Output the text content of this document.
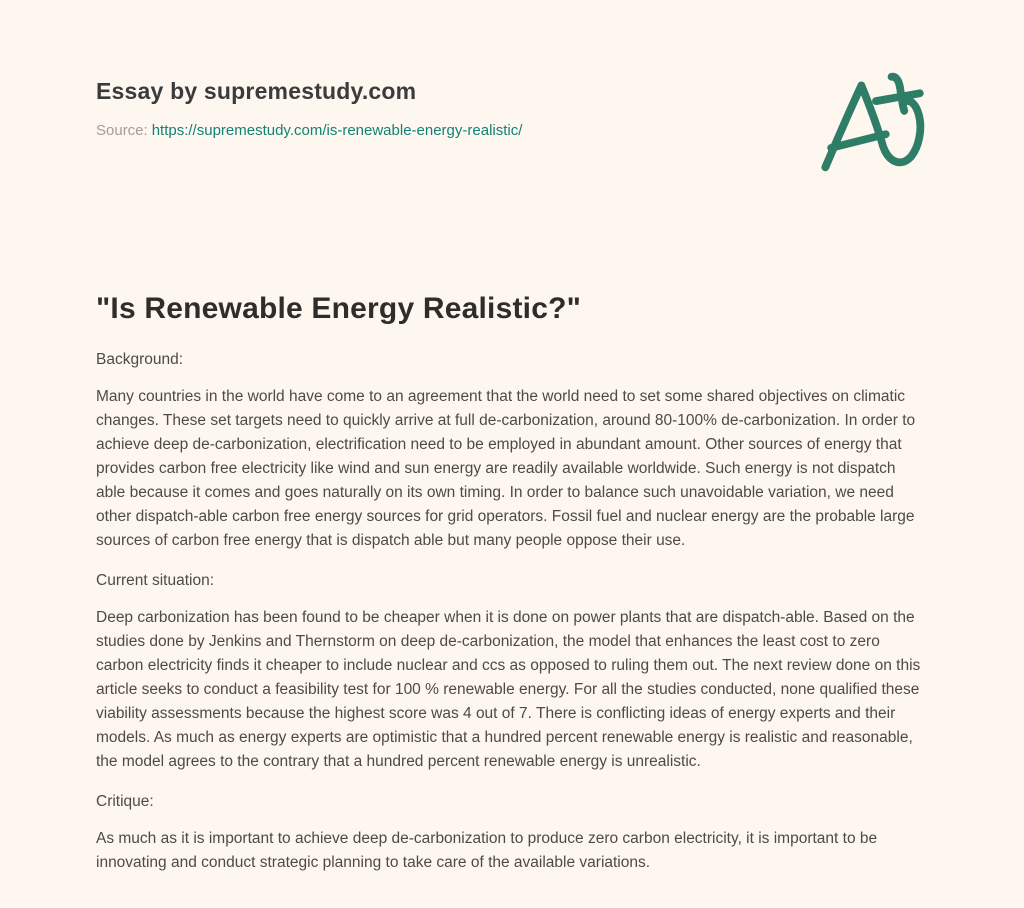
Essay by supremestudy.com

Source: https://supremestudy.com/is-renewable-energy-realistic/

"Is Renewable Energy Realistic?"
Background:

Many countries in the world have come to an agreement that the world need to set some shared objectives on climatic changes. These set targets need to quickly arrive at full de-carbonization, around 80-100% de-carbonization. In order to achieve deep de-carbonization, electrification need to be employed in abundant amount. Other sources of energy that provides carbon free electricity like wind and sun energy are readily available worldwide. Such energy is not dispatch able because it comes and goes naturally on its own timing. In order to balance such unavoidable variation, we need other dispatch-able carbon free energy sources for grid operators. Fossil fuel and nuclear energy are the probable large sources of carbon free energy that is dispatch able but many people oppose their use.

Current situation:

Deep carbonization has been found to be cheaper when it is done on power plants that are dispatch-able. Based on the studies done by Jenkins and Thernstorm on deep de-carbonization, the model that enhances the least cost to zero carbon electricity finds it cheaper to include nuclear and ccs as opposed to ruling them out. The next review done on this article seeks to conduct a feasibility test for 100 % renewable energy. For all the studies conducted, none qualified these viability assessments because the highest score was 4 out of 7. There is conflicting ideas of energy experts and their models. As much as energy experts are optimistic that a hundred percent renewable energy is realistic and reasonable, the model agrees to the contrary that a hundred percent renewable energy is unrealistic.

Critique:

As much as it is important to achieve deep de-carbonization to produce zero carbon electricity, it is important to be innovating and conduct strategic planning to take care of the available variations.
